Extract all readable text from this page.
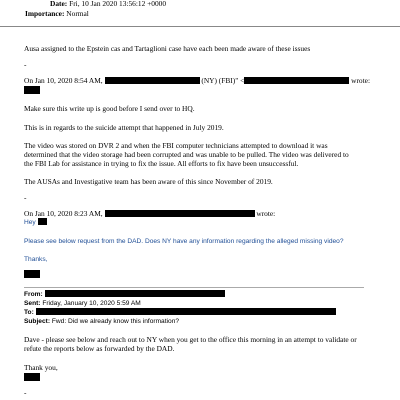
Date: Fri, 10 Jan 2020 13:56:12 +0000
Importance: Normal
Ausa assigned to the Epstein cas and Tartaglioni case have each been made aware of these issues
-
On Jan 10, 2020 8:54 AM,	(NY) (FBI)" <	wrote:
Make sure this write up is good before I send over to HQ.
This is in regards to the suicide attempt that happened in July 2019.
The video was stored on DVR 2 and when the FBI computer technicians attempted to download it was
determined that the video storage had been corrupted and was unable to be pulled. The video was delivered to
the FBI Lab for assistance in trying to fix the issue. All efforts to fix have been unsuccessful.
The AUSAs and Investigative team has been aware of this since November of 2019.
-
On Jan 10, 2020 8:23 AM,	wrote:
Hey
Please see below request from the DAD. Does NY have any information regarding the alleged missing video?
Thanks,
From:
Sent: Friday, January 10, 2020 5:59 AM
To:
Subject: Fwd: Did we already know this information?
Dave - please see below and reach out to NY when you get to the office this morning in an attempt to validate or
refute the reports below as forwarded by the DAD.
Thank you,
-
